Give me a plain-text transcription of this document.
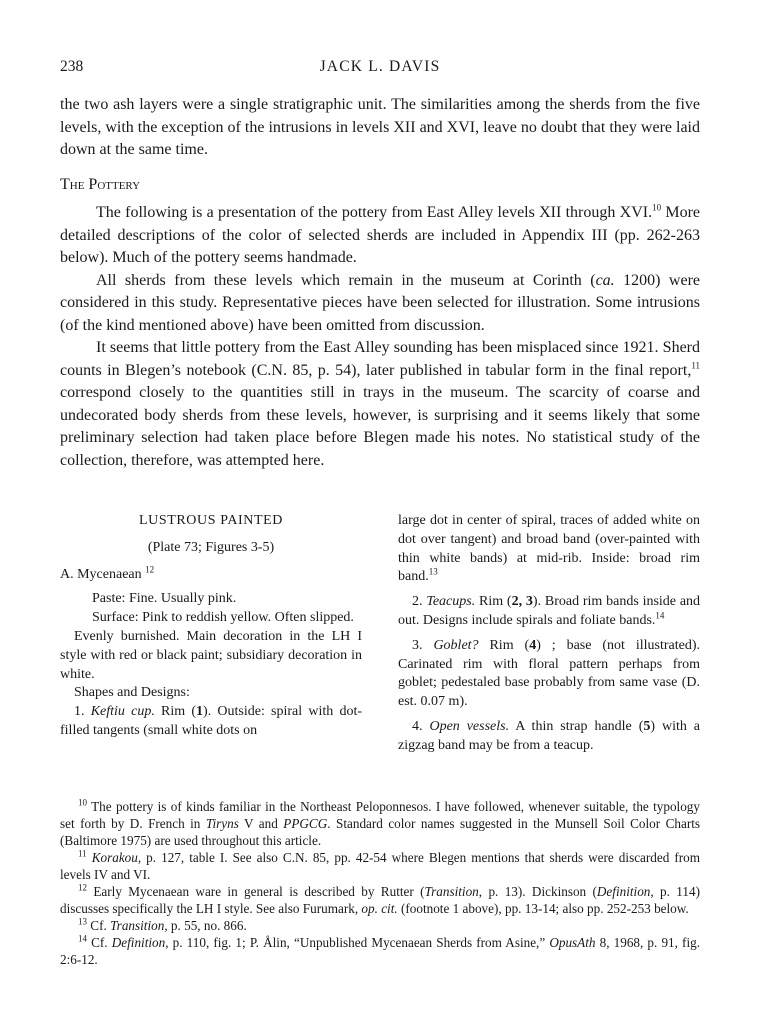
238	JACK L. DAVIS

the two ash layers were a single stratigraphic unit. The similarities among the sherds from the five levels, with the exception of the intrusions in levels XII and XVI, leave no doubt that they were laid down at the same time.

The Pottery

The following is a presentation of the pottery from East Alley levels XII through XVI.$^{10}$ More detailed descriptions of the color of selected sherds are included in Appendix III (pp. 262-263 below). Much of the pottery seems handmade.

All sherds from these levels which remain in the museum at Corinth (ca. 1200) were considered in this study. Representative pieces have been selected for illustration. Some intrusions (of the kind mentioned above) have been omitted from discussion.

It seems that little pottery from the East Alley sounding has been misplaced since 1921. Sherd counts in Blegen’s notebook (C.N. 85, p. 54), later published in tabular form in the final report,$^{11}$ correspond closely to the quantities still in trays in the museum. The scarcity of coarse and undecorated body sherds from these levels, however, is surprising and it seems likely that some preliminary selection had taken place before Blegen made his notes. No statistical study of the collection, therefore, was attempted here.

LUSTROUS PAINTED

(Plate 73; Figures 3-5)

A. Mycenaean $^{12}$

Paste: Fine. Usually pink.

Surface: Pink to reddish yellow. Often slipped.

Evenly burnished. Main decoration in the LH I style with red or black paint; subsidiary decoration in white.

Shapes and Designs:

1. Keftiu cup. Rim (1). Outside: spiral with dot-filled tangents (small white dots on

large dot in center of spiral, traces of added white on dot over tangent) and broad band (over-painted with thin white bands) at mid-rib. Inside: broad rim band.$^{13}$

2. Teacups. Rim (2, 3). Broad rim bands inside and out. Designs include spirals and foliate bands.$^{14}$

3. Goblet? Rim (4) ; base (not illustrated). Carinated rim with floral pattern perhaps from goblet; pedestaled base probably from same vase (D. est. 0.07 m).

4. Open vessels. A thin strap handle (5) with a zigzag band may be from a teacup.

$^{10}$ The pottery is of kinds familiar in the Northeast Peloponnesos. I have followed, whenever suitable, the typology set forth by D. French in Tiryns V and PPGCG. Standard color names suggested in the Munsell Soil Color Charts (Baltimore 1975) are used throughout this article.

$^{11}$ Korakou, p. 127, table I. See also C.N. 85, pp. 42-54 where Blegen mentions that sherds were discarded from levels IV and VI.

$^{12}$ Early Mycenaean ware in general is described by Rutter (Transition, p. 13). Dickinson (Definition, p. 114) discusses specifically the LH I style. See also Furumark, op. cit. (footnote 1 above), pp. 13-14; also pp. 252-253 below.

$^{13}$ Cf. Transition, p. 55, no. 866.

$^{14}$ Cf. Definition, p. 110, fig. 1; P. Ålin, “Unpublished Mycenaean Sherds from Asine,” OpusAth 8, 1968, p. 91, fig. 2:6-12.
